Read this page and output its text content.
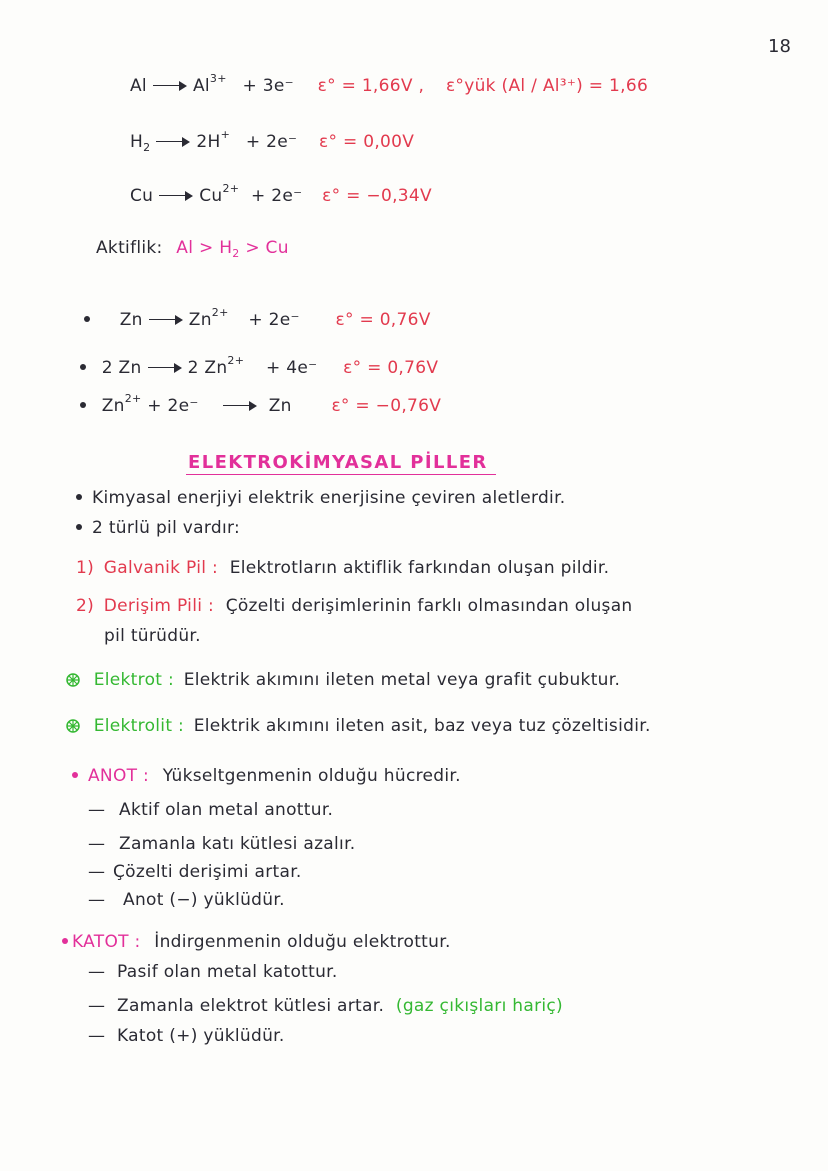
18
Al	$Al^{3+} + 3e^-$ ε° = 1,66V , ε°yük (Al / Al³⁺) = 1,66
$H_2$	2H+ + 2e⁻ ε° = 0,00V
Cu	$Cu^{2+} + 2e^-$ ε° = −0,34V
Aktiflik: $Al > H_2 > Cu$
Zn	$Zn^{2+} + 2e^-$ ε° = 0,76V
2 Zn	2 $Zn^{2+} + 4e^-$ ε° = 0,76V
$Zn^{2+} + 2e^-$	Zn ε° = −0,76V
ELEKTROKİMYASAL PİLLER
Kimyasal enerjiyi elektrik enerjisine çeviren aletlerdir.
2 türlü pil vardır:
1) Galvanik Pil : Elektrotların aktiflik farkından oluşan pildir.
2) Derişim Pili : Çözelti derişimlerinin farklı olmasından oluşan
pil türüdür.
Elektrot : Elektrik akımını ileten metal veya grafit çubuktur.
Elektrolit : Elektrik akımını ileten asit, baz veya tuz çözeltisidir.
ANOT : Yükseltgenmenin olduğu hücredir.
— Aktif olan metal anottur.
— Zamanla katı kütlesi azalır.
— Çözelti derişimi artar.
— Anot (−) yüklüdür.
KATOT : İndirgenmenin olduğu elektrottur.
— Pasif olan metal katottur.
— Zamanla elektrot kütlesi artar. (gaz çıkışları hariç)
— Katot (+) yüklüdür.
